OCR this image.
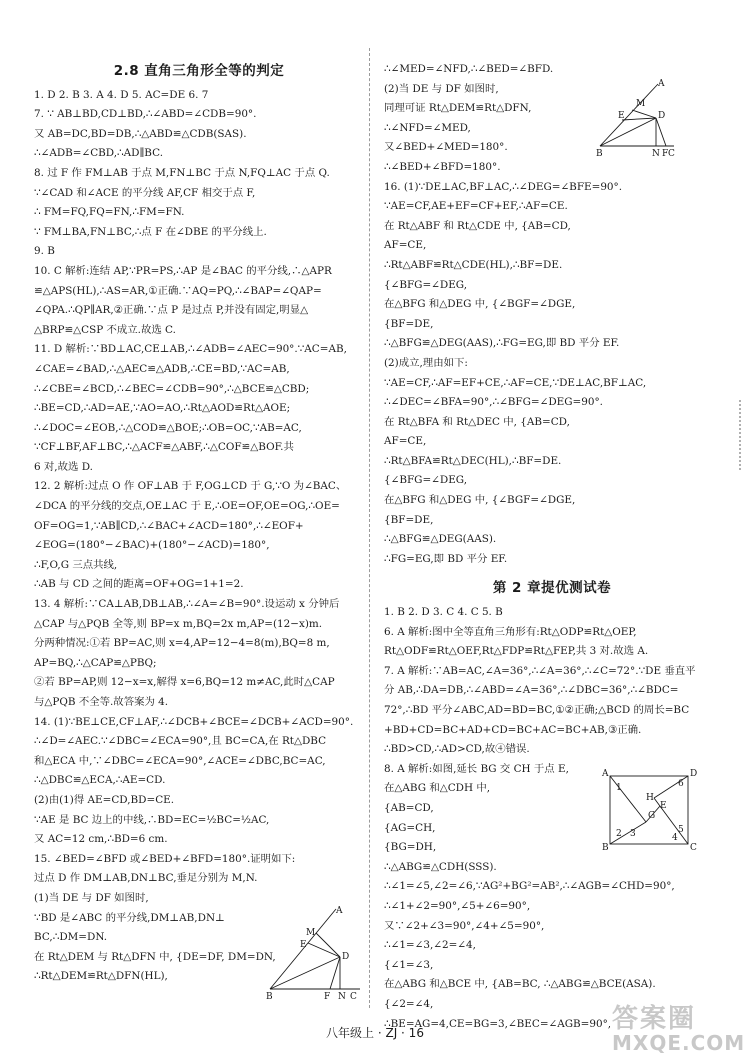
2.8 直角三角形全等的判定
1. D 2. B 3. A 4. D 5. AC=DE 6. 7
7. ∵ AB⊥BD,CD⊥BD,∴∠ABD=∠CDB=90°.
又 AB=DC,BD=DB,∴△ABD≌△CDB(SAS).
∴∠ADB=∠CBD,∴AD∥BC.
8. 过 F 作 FM⊥AB 于点 M,FN⊥BC 于点 N,FQ⊥AC 于点 Q.
∵∠CAD 和∠ACE 的平分线 AF,CF 相交于点 F,
∴ FM=FQ,FQ=FN,∴FM=FN.
∵ FM⊥BA,FN⊥BC,∴点 F 在∠DBE 的平分线上.
9. B
10. C 解析:连结 AP,∵PR=PS,∴AP 是∠BAC 的平分线,∴△APR
≌△APS(HL),∴AS=AR,①正确.∵AQ=PQ,∴∠BAP=∠QAP=
∠QPA.∴QP∥AR,②正确.∵点 P 是过点 P,并没有固定,明显△
△BRP≌△CSP 不成立.故选 C.
11. D 解析:∵BD⊥AC,CE⊥AB,∴∠ADB=∠AEC=90°.∵AC=AB,
∠CAE=∠BAD,∴△AEC≌△ADB,∴CE=BD,∵AC=AB,
∴∠CBE=∠BCD,∴∠BEC=∠CDB=90°,∴△BCE≌△CBD;
∴BE=CD,∴AD=AE,∵AO=AO,∴Rt△AOD≌Rt△AOE;
∴∠DOC=∠EOB,∴△COD≌△BOE;∴OB=OC,∵AB=AC,
∵CF⊥BF,AF⊥BC,∴△ACF≌△ABF,∴△COF≌△BOF.共
6 对,故选 D.
12. 2 解析:过点 O 作 OF⊥AB 于 F,OG⊥CD 于 G,∵O 为∠BAC、
∠DCA 的平分线的交点,OE⊥AC 于 E,∴OE=OF,OE=OG,∴OE=
OF=OG=1,∵AB∥CD,∴∠BAC+∠ACD=180°,∴∠EOF+
∠EOG=(180°−∠BAC)+(180°−∠ACD)=180°,
∴F,O,G 三点共线,
∴AB 与 CD 之间的距离=OF+OG=1+1=2.
13. 4 解析:∵CA⊥AB,DB⊥AB,∴∠A=∠B=90°.设运动 x 分钟后
△CAP 与△PQB 全等,则 BP=x m,BQ=2x m,AP=(12−x)m.
分两种情况:①若 BP=AC,则 x=4,AP=12−4=8(m),BQ=8 m,
AP=BQ,∴△CAP≌△PBQ;
②若 BP=AP,则 12−x=x,解得 x=6,BQ=12 m≠AC,此时△CAP
与△PQB 不全等.故答案为 4.
14. (1)∵BE⊥CE,CF⊥AF,∴∠DCB+∠BCE=∠DCB+∠ACD=90°.
∴∠D=∠AEC.∵∠DBC=∠ECA=90°,且 BC=CA,在 Rt△DBC
和△ECA 中,∵∠DBC=∠ECA=90°,∠ACE=∠DBC,BC=AC,
∴△DBC≌△ECA,∴AE=CD.
(2)由(1)得 AE=CD,BD=CE.
∵AE 是 BC 边上的中线,∴BD=EC=½BC=½AC,
又 AC=12 cm,∴BD=6 cm.
15. ∠BED=∠BFD 或∠BED+∠BFD=180°.证明如下:
过点 D 作 DM⊥AB,DN⊥BC,垂足分别为 M,N.
(1)当 DE 与 DF 如图时,
∵BD 是∠ABC 的平分线,DM⊥AB,DN⊥
BC,∴DM=DN.
在 Rt△DEM 与 Rt△DFN 中, {DE=DF, DM=DN,
∴Rt△DEM≌Rt△DFN(HL),
∴∠MED=∠NFD,∴∠BED=∠BFD.
(2)当 DE 与 DF 如图时,
同理可证 Rt△DEM≌Rt△DFN,
∴∠NFD=∠MED,
又∠BED+∠MED=180°.
∴∠BED+∠BFD=180°.
16. (1)∵DE⊥AC,BF⊥AC,∴∠DEG=∠BFE=90°.
∵AE=CF,AE+EF=CF+EF,∴AF=CE.
在 Rt△ABF 和 Rt△CDE 中, {AB=CD,
AF=CE,
∴Rt△ABF≌Rt△CDE(HL),∴BF=DE.
{∠BFG=∠DEG,
在△BFG 和△DEG 中, {∠BGF=∠DGE,
{BF=DE,
∴△BFG≌△DEG(AAS),∴FG=EG,即 BD 平分 EF.
(2)成立,理由如下:
∵AE=CF,∴AF=EF+CE,∴AF=CE,∵DE⊥AC,BF⊥AC,
∴∠DEC=∠BFA=90°,∴∠BFG=∠DEG=90°.
在 Rt△BFA 和 Rt△DEC 中, {AB=CD,
AF=CE,
∴Rt△BFA≌Rt△DEC(HL),∴BF=DE.
{∠BFG=∠DEG,
在△BFG 和△DEG 中, {∠BGF=∠DGE,
{BF=DE,
∴△BFG≌△DEG(AAS).
∴FG=EG,即 BD 平分 EF.
第 2 章提优测试卷
1. B 2. D 3. C 4. C 5. B
6. A 解析:图中全等直角三角形有:Rt△ODP≌Rt△OEP,
Rt△ODF≌Rt△OEF,Rt△FDP≌Rt△FEP,共 3 对.故选 A.
7. A 解析:∵AB=AC,∠A=36°,∴∠A=36°,∴∠C=72°.∵DE 垂直平
分 AB,∴DA=DB,∴∠ABD=∠A=36°,∴∠DBC=36°,∴∠BDC=
72°,∴BD 平分∠ABC,AD=BD=BC,①②正确;△BCD 的周长=BC
+BD+CD=BC+AD+CD=BC+AC=BC+AB,③正确.
∴BD>CD,∴AD>CD,故④错误.
8. A 解析:如图,延长 BG 交 CH 于点 E,
在△ABG 和△CDH 中,
{AB=CD,
{AG=CH,
{BG=DH,
∴△ABG≌△CDH(SSS).
∴∠1=∠5,∠2=∠6,∵AG²+BG²=AB²,∴∠AGB=∠CHD=90°,
∴∠1+∠2=90°,∠5+∠6=90°,
又∵∠2+∠3=90°,∠4+∠5=90°,
∴∠1=∠3,∠2=∠4,
{∠1=∠3,
在△ABG 和△BCE 中, {AB=BC, ∴△ABG≌△BCE(ASA).
{∠2=∠4,
∴BE=AG=4,CE=BG=3,∠BEC=∠AGB=90°,
A
M
E	D
B	N F C
A
M
E
D
B	F N C
A	D
B	C
H
E
G
1
2 3	4
5
6
八年级上 · ZJ · 16	答案圈
MXQE.COM
